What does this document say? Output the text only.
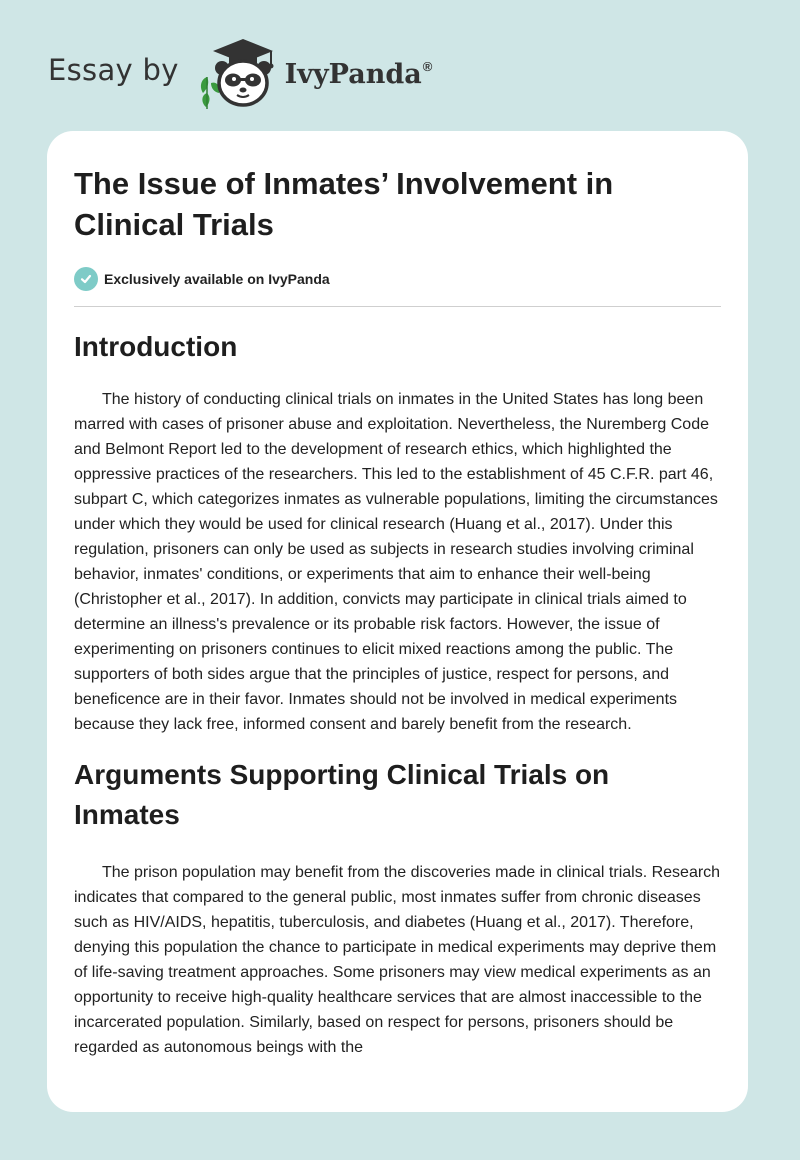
Essay by	IvyPanda®
The Issue of Inmates’ Involvement in Clinical Trials
Exclusively available on IvyPanda
Introduction

The history of conducting clinical trials on inmates in the United States has long been marred with cases of prisoner abuse and exploitation. Nevertheless, the Nuremberg Code and Belmont Report led to the development of research ethics, which highlighted the oppressive practices of the researchers. This led to the establishment of 45 C.F.R. part 46, subpart C, which categorizes inmates as vulnerable populations, limiting the circumstances under which they would be used for clinical research (Huang et al., 2017). Under this regulation, prisoners can only be used as subjects in research studies involving criminal behavior, inmates' conditions, or experiments that aim to enhance their well-being (Christopher et al., 2017). In addition, convicts may participate in clinical trials aimed to determine an illness's prevalence or its probable risk factors. However, the issue of experimenting on prisoners continues to elicit mixed reactions among the public. The supporters of both sides argue that the principles of justice, respect for persons, and beneficence are in their favor. Inmates should not be involved in medical experiments because they lack free, informed consent and barely benefit from the research.

Arguments Supporting Clinical Trials on Inmates

The prison population may benefit from the discoveries made in clinical trials. Research indicates that compared to the general public, most inmates suffer from chronic diseases such as HIV/AIDS, hepatitis, tuberculosis, and diabetes (Huang et al., 2017). Therefore, denying this population the chance to participate in medical experiments may deprive them of life-saving treatment approaches. Some prisoners may view medical experiments as an opportunity to receive high-quality healthcare services that are almost inaccessible to the incarcerated population. Similarly, based on respect for persons, prisoners should be regarded as autonomous beings with the
